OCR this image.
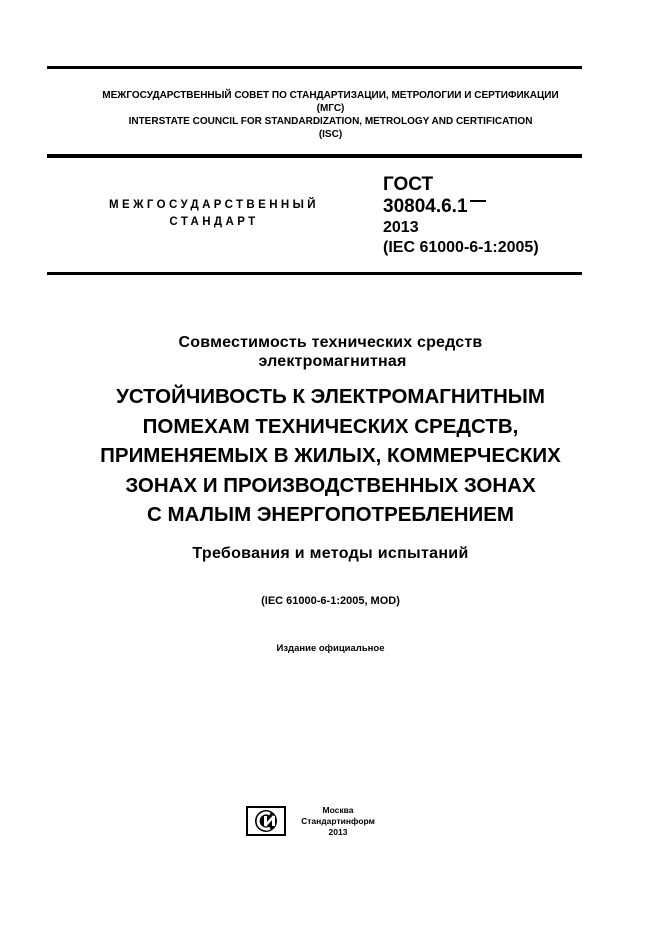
МЕЖГОСУДАРСТВЕННЫЙ СОВЕТ ПО СТАНДАРТИЗАЦИИ, МЕТРОЛОГИИ И СЕРТИФИКАЦИИ
(МГС)
INTERSTATE COUNCIL FOR STANDARDIZATION, METROLOGY AND CERTIFICATION
(ISC)
МЕЖГОСУДАРСТВЕННЫЙ
СТАНДАРТ
ГОСТ
30804.6.1
2013
(IEC 61000-6-1:2005)
Совместимость технических средств
электромагнитная
УСТОЙЧИВОСТЬ К ЭЛЕКТРОМАГНИТНЫМ
ПОМЕХАМ ТЕХНИЧЕСКИХ СРЕДСТВ,
ПРИМЕНЯЕМЫХ В ЖИЛЫХ, КОММЕРЧЕСКИХ
ЗОНАХ И ПРОИЗВОДСТВЕННЫХ ЗОНАХ
С МАЛЫМ ЭНЕРГОПОТРЕБЛЕНИЕМ
Требования и методы испытаний
(IEC 61000-6-1:2005, MOD)
Издание официальное
Москва
Стандартинформ
2013
